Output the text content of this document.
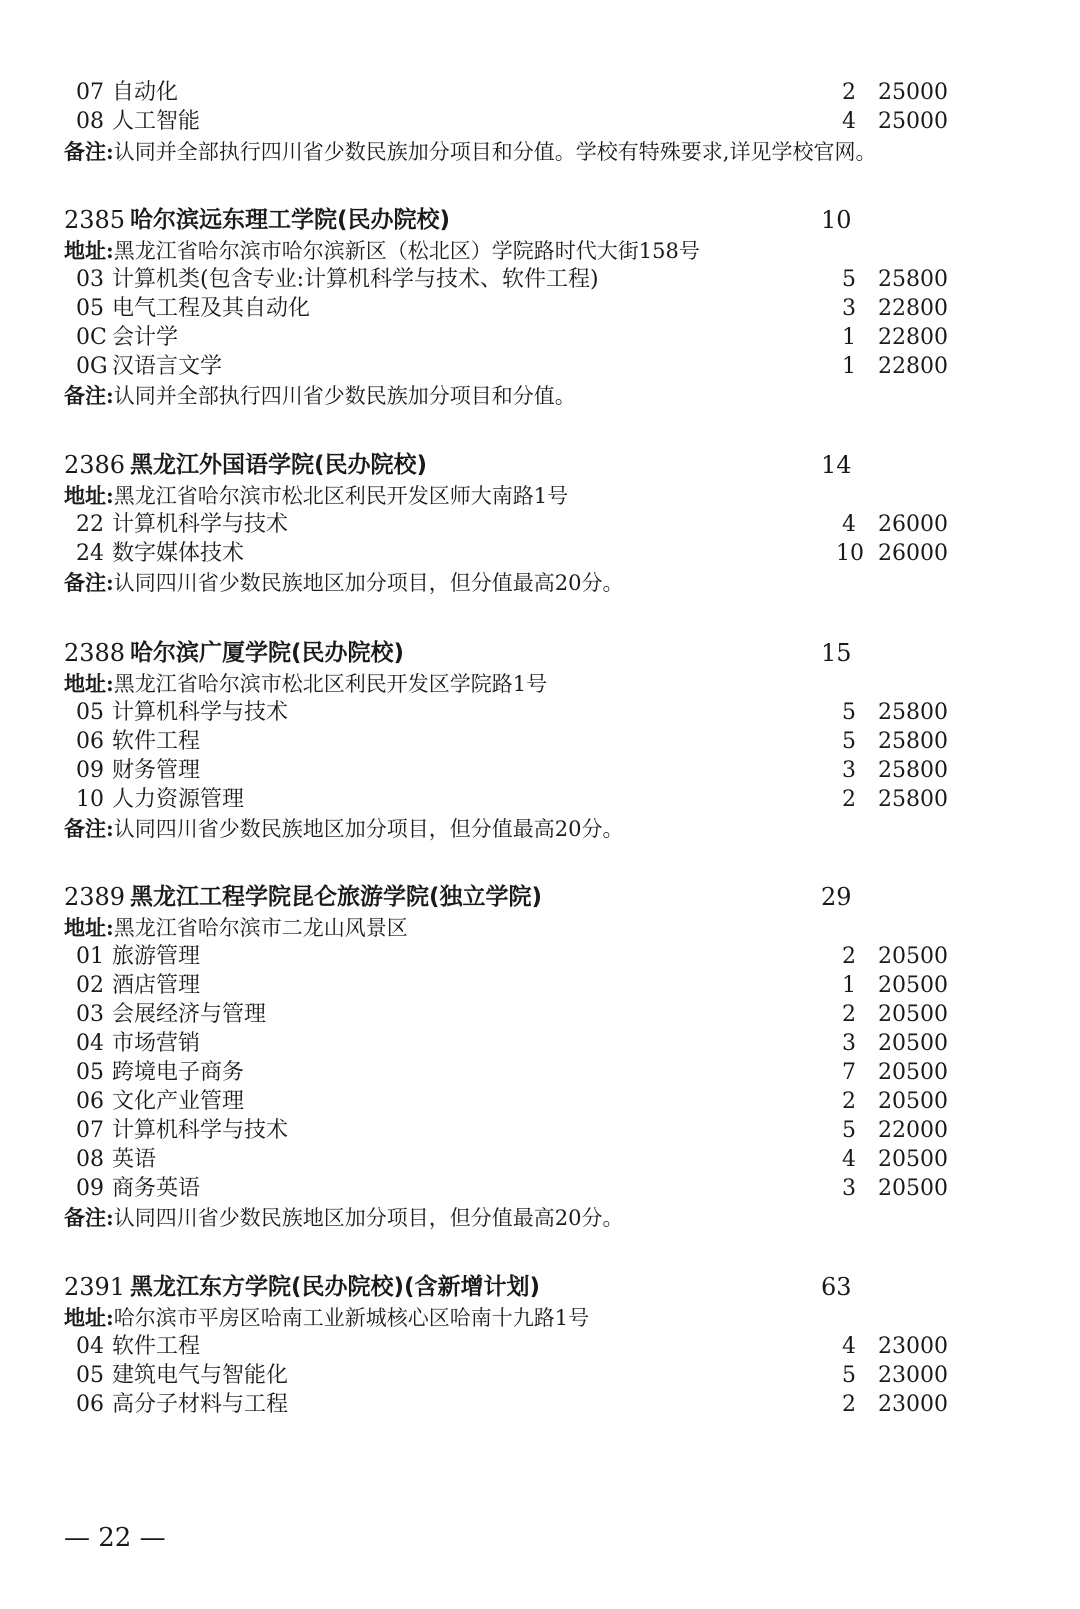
07 自动化	2 25000
08 人工智能	4 25000
备注:认同并全部执行四川省少数民族加分项目和分值。学校有特殊要求,详见学校官网。
2385 哈尔滨远东理工学院(民办院校)	10
地址:黑龙江省哈尔滨市哈尔滨新区（松北区）学院路时代大街158号
03 计算机类(包含专业:计算机科学与技术、软件工程)	5 25800
05 电气工程及其自动化	3 22800
0C 会计学	1 22800
0G 汉语言文学	1 22800
备注:认同并全部执行四川省少数民族加分项目和分值。
2386 黑龙江外国语学院(民办院校)	14
地址:黑龙江省哈尔滨市松北区利民开发区师大南路1号
22 计算机科学与技术	4 26000
24 数字媒体技术	10 26000
备注:认同四川省少数民族地区加分项目，但分值最高20分。
2388 哈尔滨广厦学院(民办院校)	15
地址:黑龙江省哈尔滨市松北区利民开发区学院路1号
05 计算机科学与技术	5 25800
06 软件工程	5 25800
09 财务管理	3 25800
10 人力资源管理	2 25800
备注:认同四川省少数民族地区加分项目，但分值最高20分。
2389 黑龙江工程学院昆仑旅游学院(独立学院)	29
地址:黑龙江省哈尔滨市二龙山风景区
01 旅游管理	2 20500
02 酒店管理	1 20500
03 会展经济与管理	2 20500
04 市场营销	3 20500
05 跨境电子商务	7 20500
06 文化产业管理	2 20500
07 计算机科学与技术	5 22000
08 英语	4 20500
09 商务英语	3 20500
备注:认同四川省少数民族地区加分项目，但分值最高20分。
2391 黑龙江东方学院(民办院校)(含新增计划)	63
地址:哈尔滨市平房区哈南工业新城核心区哈南十九路1号
04 软件工程	4 23000
05 建筑电气与智能化	5 23000
06 高分子材料与工程	2 23000
— 22 —
